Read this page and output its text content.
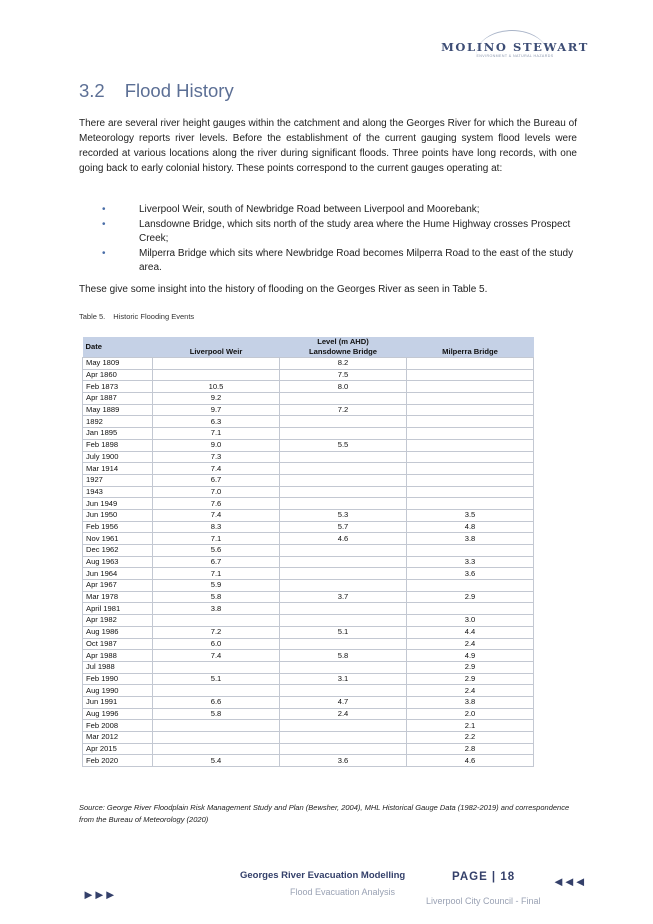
MOLINO STEWART
ENVIRONMENT & NATURAL HAZARDS
3.2 Flood History

There are several river height gauges within the catchment and along the Georges River for which the Bureau of Meteorology reports river levels. Before the establishment of the current gauging system flood levels were recorded at various locations along the river during significant floods. Three points have long records, with one going back to early colonial history. These points correspond to the current gauges operating at:

•	Liverpool Weir, south of Newbridge Road between Liverpool and Moorebank;
•	Lansdowne Bridge, which sits north of the study area where the Hume Highway crosses Prospect Creek;
•	Milperra Bridge which sits where Newbridge Road becomes Milperra Road to the east of the study area.

These give some insight into the history of flooding on the Georges River as seen in Table 5.

Table 5. Historic Flooding Events

Date	Level (m AHD)		
	Liverpool Weir	Lansdowne Bridge	Milperra Bridge
May 1809		8.2	
Apr 1860		7.5	
Feb 1873	10.5	8.0	
Apr 1887	9.2		
May 1889	9.7	7.2	
1892	6.3		
Jan 1895	7.1		
Feb 1898	9.0	5.5	
July 1900	7.3		
Mar 1914	7.4		
1927	6.7		
1943	7.0		
Jun 1949	7.6		
Jun 1950	7.4	5.3	3.5
Feb 1956	8.3	5.7	4.8
Nov 1961	7.1	4.6	3.8
Dec 1962	5.6		
Aug 1963	6.7		3.3
Jun 1964	7.1		3.6
Apr 1967	5.9		
Mar 1978	5.8	3.7	2.9
April 1981	3.8		
Apr 1982			3.0
Aug 1986	7.2	5.1	4.4
Oct 1987	6.0		2.4
Apr 1988	7.4	5.8	4.9
Jul 1988			2.9
Feb 1990	5.1	3.1	2.9
Aug 1990			2.4
Jun 1991	6.6	4.7	3.8
Aug 1996	5.8	2.4	2.0
Feb 2008			2.1
Mar 2012			2.2
Apr 2015			2.8
Feb 2020	5.4	3.6	4.6

Source: George River Floodplain Risk Management Study and Plan (Bewsher, 2004), MHL Historical Gauge Data (1982-2019) and correspondence from the Bureau of Meteorology (2020)

Georges River Evacuation Modelling	PAGE | 18
Flood Evacuation Analysis
Liverpool City Council - Final
►►►
◄◄◄
